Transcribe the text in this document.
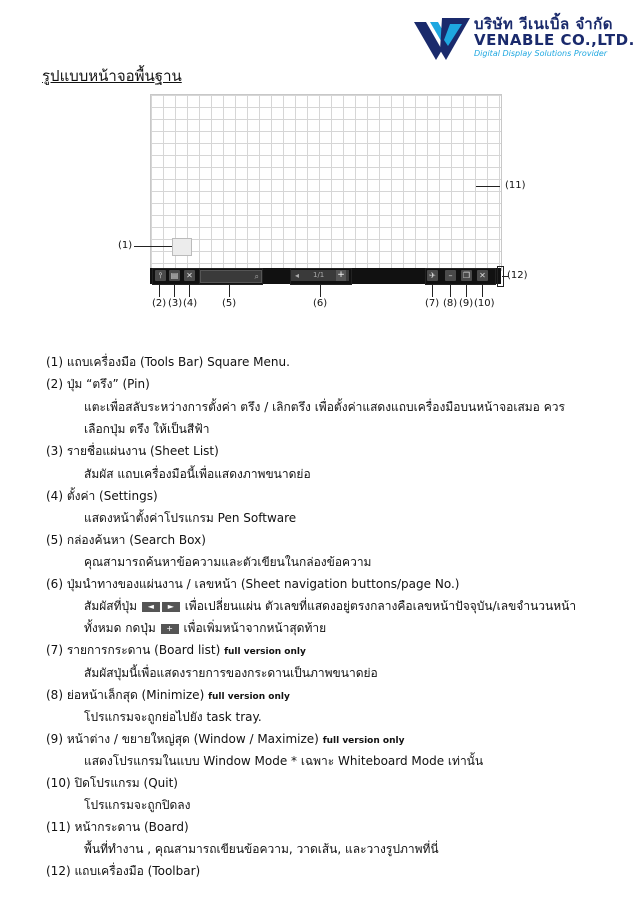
บริษัท วีเนเบิ้ล จำกัด
VENABLE CO.,LTD.
Digital Display Solutions Provider
รูปแบบหน้าจอพื้นฐาน
⫯	▤ ✕	⌕	◂ 1/1 +	✈	–	❐ ✕
(1)
(2) (3) (4) (5)	(6)	(7) (8) (9) (10)
(11)
(12)
(1) แถบเครื่องมือ (Tools Bar) Square Menu.
(2) ปุ่ม “ตรึง” (Pin)
แตะเพื่อสลับระหว่างการตั้งค่า ตรึง / เลิกตรึง เพื่อตั้งค่าแสดงแถบเครื่องมือบนหน้าจอเสมอ ควร
เลือกปุ่ม ตรึง ให้เป็นสีฟ้า
(3) รายชื่อแผ่นงาน (Sheet List)
สัมผัส แถบเครื่องมือนี้เพื่อแสดงภาพขนาดย่อ
(4) ตั้งค่า (Settings)
แสดงหน้าตั้งค่าโปรแกรม Pen Software
(5) กล่องค้นหา (Search Box)
คุณสามารถค้นหาข้อความและตัวเขียนในกล่องข้อความ
(6) ปุ่มนำทางของแผ่นงาน / เลขหน้า (Sheet navigation buttons/page No.)
สัมผัสที่ปุ่ม ◄ ► เพื่อเปลี่ยนแผ่น ตัวเลขที่แสดงอยู่ตรงกลางคือเลขหน้าปัจจุบัน/เลขจำนวนหน้า
ทั้งหมด กดปุ่ม + เพื่อเพิ่มหน้าจากหน้าสุดท้าย
(7) รายการกระดาน (Board list) full version only
สัมผัสปุ่มนี้เพื่อแสดงรายการของกระดานเป็นภาพขนาดย่อ
(8) ย่อหน้าเล็กสุด (Minimize) full version only
โปรแกรมจะถูกย่อไปยัง task tray.
(9) หน้าต่าง / ขยายใหญ่สุด (Window / Maximize) full version only
แสดงโปรแกรมในแบบ Window Mode * เฉพาะ Whiteboard Mode เท่านั้น
(10) ปิดโปรแกรม (Quit)
โปรแกรมจะถูกปิดลง
(11) หน้ากระดาน (Board)
พื้นที่ทำงาน , คุณสามารถเขียนข้อความ, วาดเส้น, และวางรูปภาพที่นี่
(12) แถบเครื่องมือ (Toolbar)
